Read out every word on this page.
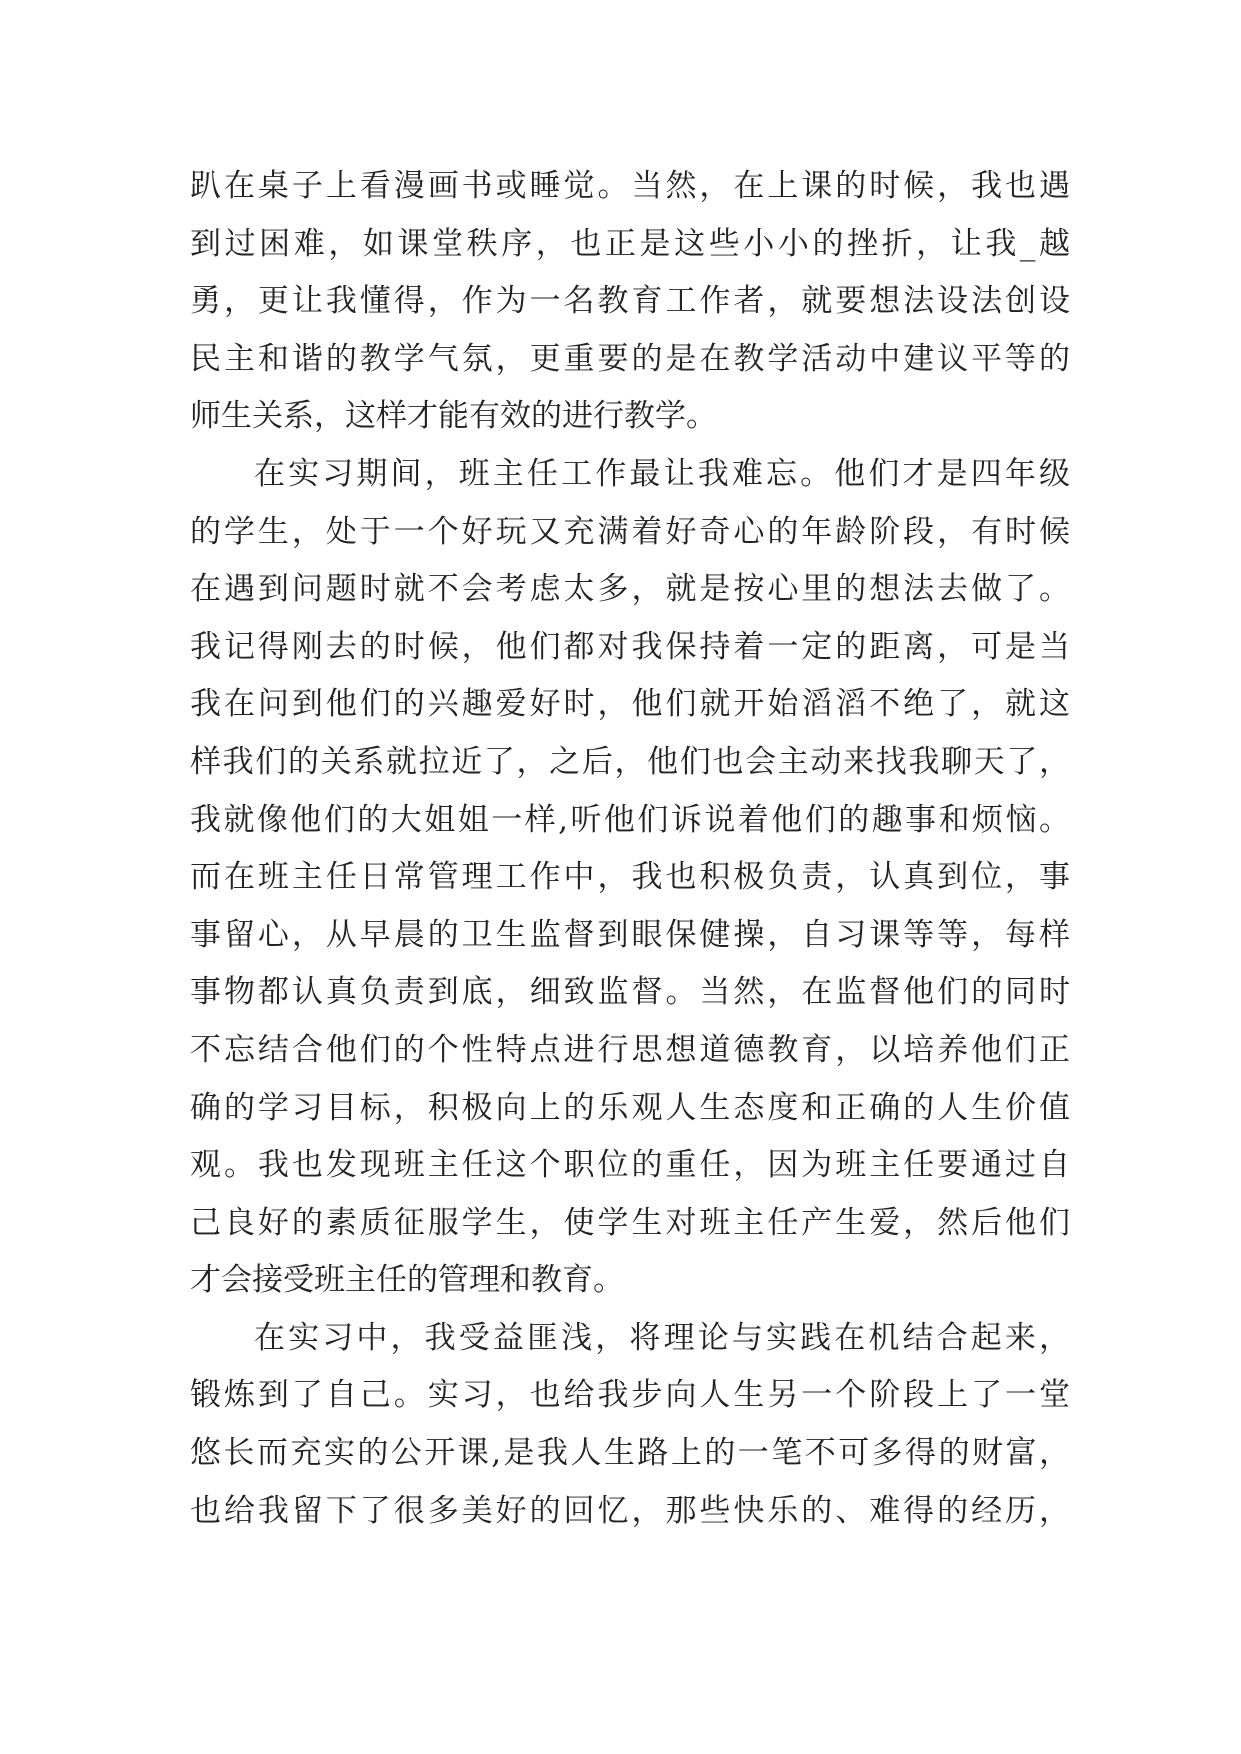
趴在桌子上看漫画书或睡觉。当然，在上课的时候，我也遇
到过困难，如课堂秩序，也正是这些小小的挫折，让我_越
勇，更让我懂得，作为一名教育工作者，就要想法设法创设
民主和谐的教学气氛，更重要的是在教学活动中建议平等的
师生关系，这样才能有效的进行教学。
在实习期间，班主任工作最让我难忘。他们才是四年级
的学生，处于一个好玩又充满着好奇心的年龄阶段，有时候
在遇到问题时就不会考虑太多，就是按心里的想法去做了。
我记得刚去的时候，他们都对我保持着一定的距离，可是当
我在问到他们的兴趣爱好时，他们就开始滔滔不绝了，就这
样我们的关系就拉近了，之后，他们也会主动来找我聊天了，
我就像他们的大姐姐一样,听他们诉说着他们的趣事和烦恼。
而在班主任日常管理工作中，我也积极负责，认真到位，事
事留心，从早晨的卫生监督到眼保健操，自习课等等，每样
事物都认真负责到底，细致监督。当然，在监督他们的同时
不忘结合他们的个性特点进行思想道德教育，以培养他们正
确的学习目标，积极向上的乐观人生态度和正确的人生价值
观。我也发现班主任这个职位的重任，因为班主任要通过自
己良好的素质征服学生，使学生对班主任产生爱，然后他们
才会接受班主任的管理和教育。
在实习中，我受益匪浅，将理论与实践在机结合起来，
锻炼到了自己。实习，也给我步向人生另一个阶段上了一堂
悠长而充实的公开课,是我人生路上的一笔不可多得的财富，
也给我留下了很多美好的回忆，那些快乐的、难得的经历，
